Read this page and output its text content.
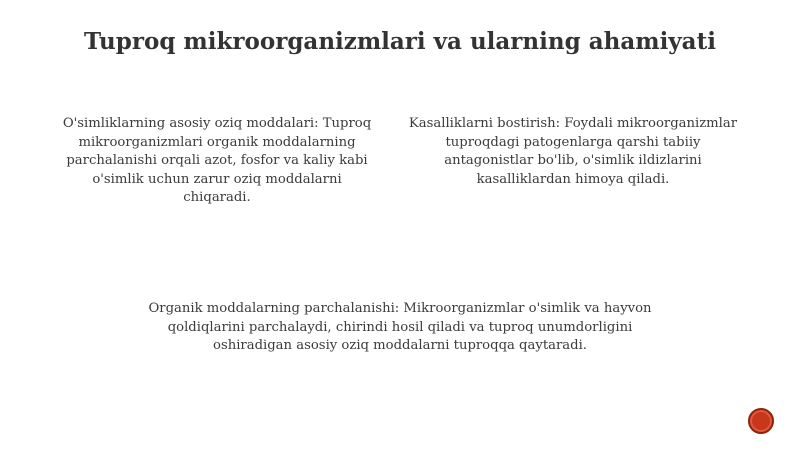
Tuproq mikroorganizmlari va ularning ahamiyati

O'simliklarning asosiy oziq moddalari: Tuproq mikroorganizmlari organik moddalarning parchalanishi orqali azot, fosfor va kaliy kabi o'simlik uchun zarur oziq moddalarni chiqaradi.

Kasalliklarni bostirish: Foydali mikroorganizmlar tuproqdagi patogenlarga qarshi tabiiy antagonistlar bo'lib, o'simlik ildizlarini kasalliklardan himoya qiladi.

Organik moddalarning parchalanishi: Mikroorganizmlar o'simlik va hayvon qoldiqlarini parchalaydi, chirindi hosil qiladi va tuproq unumdorligini oshiradigan asosiy oziq moddalarni tuproqqa qaytaradi.
